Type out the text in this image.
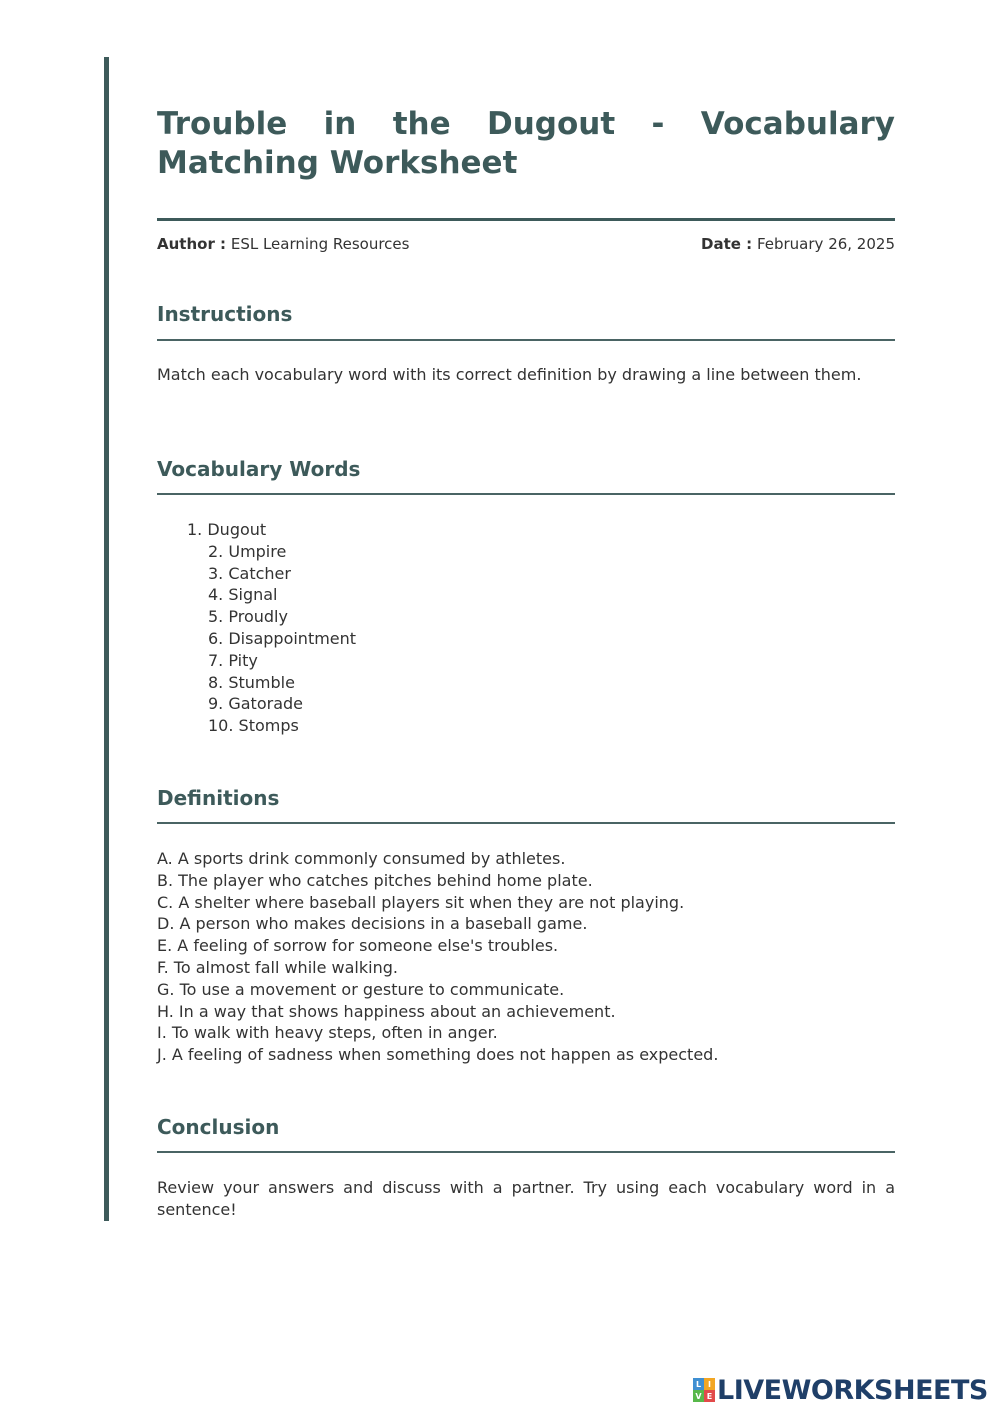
Trouble in the Dugout - Vocabulary Matching Worksheet
Author : ESL Learning Resources	Date : February 26, 2025
Instructions

Match each vocabulary word with its correct definition by drawing a line between them.

Vocabulary Words
1. Dugout
2. Umpire
3. Catcher
4. Signal
5. Proudly
6. Disappointment
7. Pity
8. Stumble
9. Gatorade
10. Stomps
Definitions
A. A sports drink commonly consumed by athletes.
B. The player who catches pitches behind home plate.
C. A shelter where baseball players sit when they are not playing.
D. A person who makes decisions in a baseball game.
E. A feeling of sorrow for someone else's troubles.
F. To almost fall while walking.
G. To use a movement or gesture to communicate.
H. In a way that shows happiness about an achievement.
I. To walk with heavy steps, often in anger.
J. A feeling of sadness when something does not happen as expected.
Conclusion

Review your answers and discuss with a partner. Try using each vocabulary word in a sentence!

L I
V E LIVEWORKSHEETS
